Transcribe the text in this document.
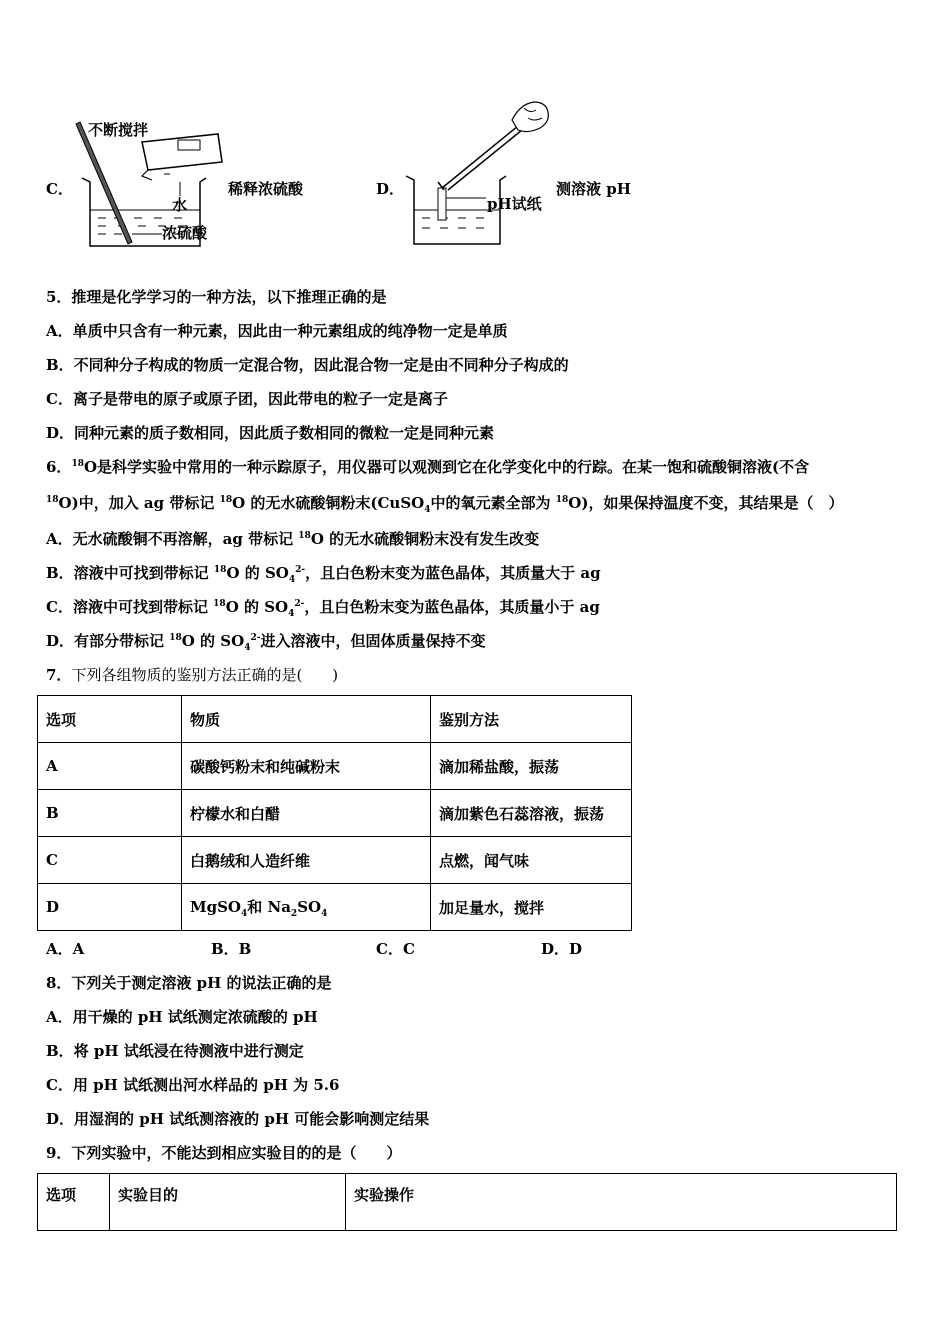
C．
不断搅拌
水
浓硫酸
稀释浓硫酸	D．
pH试纸
测溶液 pH
5．推理是化学学习的一种方法，以下推理正确的是
A．单质中只含有一种元素，因此由一种元素组成的纯净物一定是单质
B．不同种分子构成的物质一定混合物，因此混合物一定是由不同种分子构成的
C．离子是带电的原子或原子团，因此带电的粒子一定是离子
D．同种元素的质子数相同，因此质子数相同的微粒一定是同种元素
6．$^{18}$O是科学实验中常用的一种示踪原子，用仪器可以观测到它在化学变化中的行踪。在某一饱和硫酸铜溶液(不含
$^{18}$O)中，加入 ag 带标记 $^{18}$O 的无水硫酸铜粉末(CuSO$_4$中的氧元素全部为 $^{18}$O)，如果保持温度不变，其结果是（　）
A．无水硫酸铜不再溶解，ag 带标记 $^{18}$O 的无水硫酸铜粉末没有发生改变
B．溶液中可找到带标记 $^{18}$O 的 $SO_4^{2-}$，且白色粉末变为蓝色晶体，其质量大于 ag
C．溶液中可找到带标记 $^{18}$O 的 $SO_4^{2-}$，且白色粉末变为蓝色晶体，其质量小于 ag
D．有部分带标记 $^{18}$O 的 $SO_4^{2-}$进入溶液中，但固体质量保持不变
7．下列各组物质的鉴别方法正确的是(　　)
选项	物质	鉴别方法
A	碳酸钙粉末和纯碱粉末	滴加稀盐酸，振荡
B	柠檬水和白醋	滴加紫色石蕊溶液，振荡
C	白鹅绒和人造纤维	点燃，闻气味
D	MgSO$_4$和 $Na_2SO_4$	加足量水，搅拌
A．A	B．B	C．C	D．D
8．下列关于测定溶液 pH 的说法正确的是
A．用干燥的 pH 试纸测定浓硫酸的 pH
B．将 pH 试纸浸在待测液中进行测定
C．用 pH 试纸测出河水样品的 pH 为 5.6
D．用湿润的 pH 试纸测溶液的 pH 可能会影响测定结果
9．下列实验中，不能达到相应实验目的的是（　　）
选项	实验目的	实验操作
